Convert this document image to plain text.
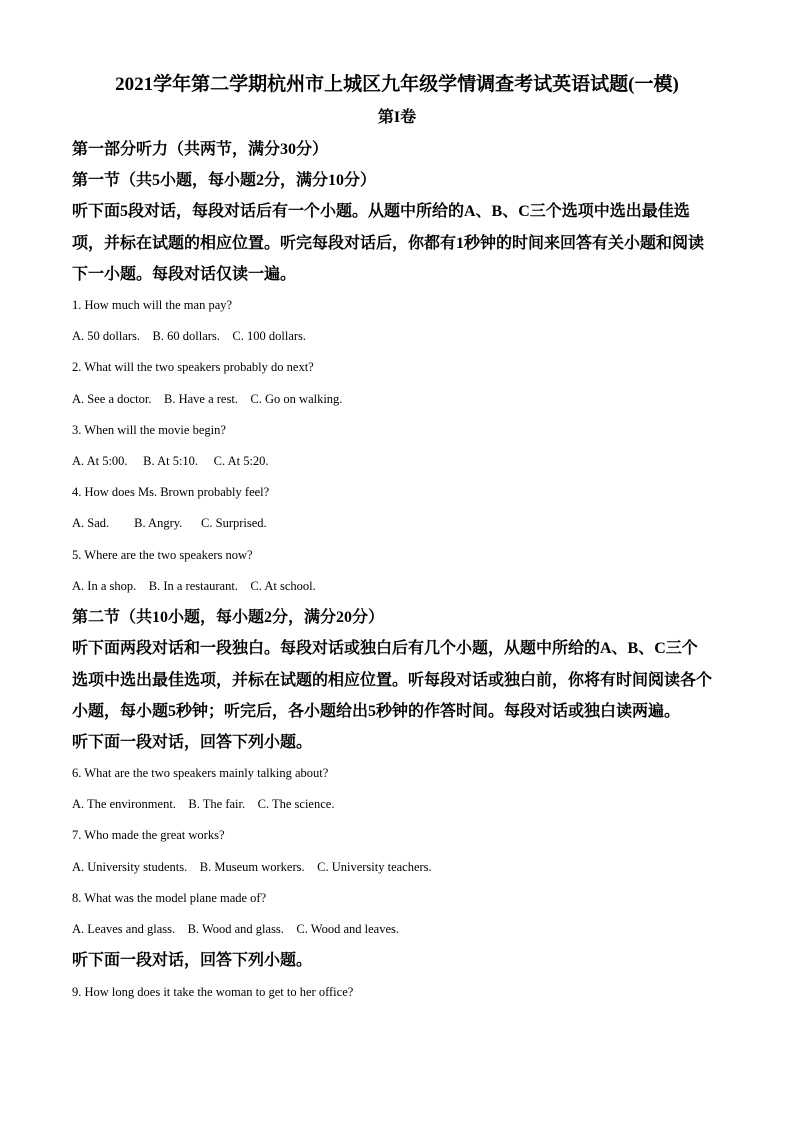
2021学年第二学期杭州市上城区九年级学情调查考试英语试题(一模)
第I卷
第一部分听力（共两节，满分30分）
第一节（共5小题，每小题2分，满分10分）
听下面5段对话，每段对话后有一个小题。从题中所给的A、B、C三个选项中选出最佳选
项，并标在试题的相应位置。听完每段对话后，你都有1秒钟的时间来回答有关小题和阅读
下一小题。每段对话仅读一遍。
1. How much will the man pay?
A. 50 dollars.    B. 60 dollars.    C. 100 dollars.
2. What will the two speakers probably do next?
A. See a doctor.    B. Have a rest.    C. Go on walking.
3. When will the movie begin?
A. At 5:00.     B. At 5:10.     C. At 5:20.
4. How does Ms. Brown probably feel?
A. Sad.        B. Angry.      C. Surprised.
5. Where are the two speakers now?
A. In a shop.    B. In a restaurant.    C. At school.
第二节（共10小题，每小题2分，满分20分）
听下面两段对话和一段独白。每段对话或独白后有几个小题，从题中所给的A、B、C三个
选项中选出最佳选项，并标在试题的相应位置。听每段对话或独白前，你将有时间阅读各个
小题，每小题5秒钟；听完后，各小题给出5秒钟的作答时间。每段对话或独白读两遍。
听下面一段对话，回答下列小题。
6. What are the two speakers mainly talking about?
A. The environment.    B. The fair.    C. The science.
7. Who made the great works?
A. University students.    B. Museum workers.    C. University teachers.
8. What was the model plane made of?
A. Leaves and glass.    B. Wood and glass.    C. Wood and leaves.
听下面一段对话，回答下列小题。
9. How long does it take the woman to get to her office?
